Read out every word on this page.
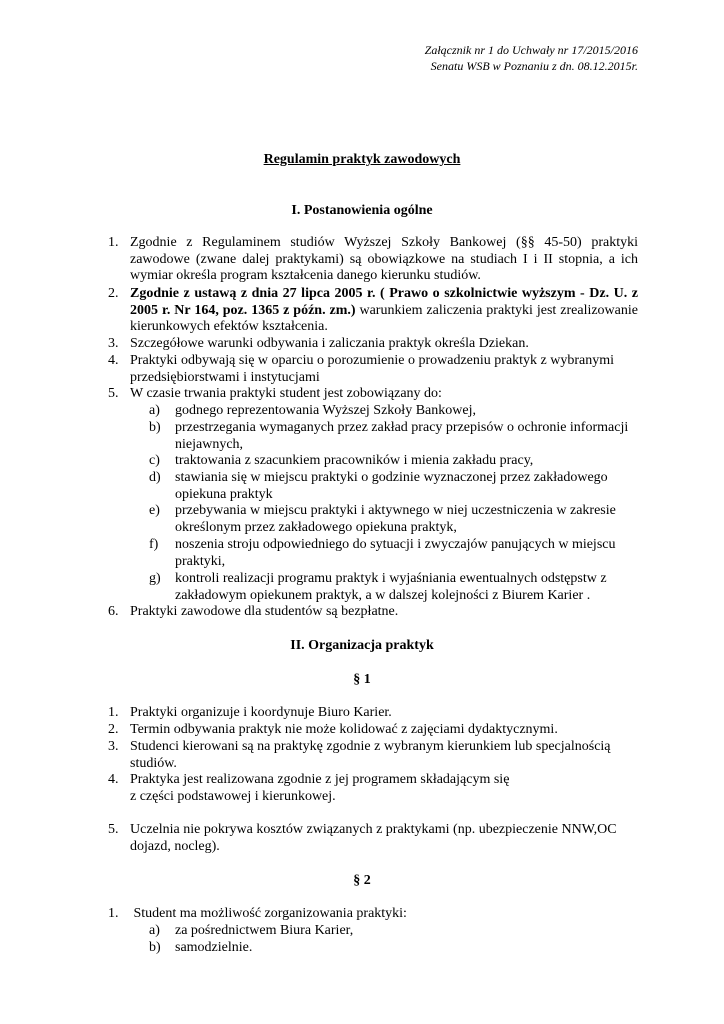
Załącznik nr 1 do Uchwały nr 17/2015/2016
Senatu WSB w Poznaniu z dn. 08.12.2015r.
Regulamin praktyk zawodowych
I. Postanowienia ogólne
1. Zgodnie z Regulaminem studiów Wyższej Szkoły Bankowej (§§ 45-50) praktyki zawodowe (zwane dalej praktykami) są obowiązkowe na studiach I i II stopnia, a ich wymiar określa program kształcenia danego kierunku studiów.
2. Zgodnie z ustawą z dnia 27 lipca 2005 r. ( Prawo o szkolnictwie wyższym - Dz. U. z 2005 r. Nr 164, poz. 1365 z późn. zm.) warunkiem zaliczenia praktyki jest zrealizowanie kierunkowych efektów kształcenia.
3. Szczegółowe warunki odbywania i zaliczania praktyk określa Dziekan.
4. Praktyki odbywają się w oparciu o porozumienie o prowadzeniu praktyk z wybranymi przedsiębiorstwami i instytucjami
5. W czasie trwania praktyki student jest zobowiązany do:
a)	godnego reprezentowania Wyższej Szkoły Bankowej,
b)	przestrzegania wymaganych przez zakład pracy przepisów o ochronie informacji niejawnych,
c)	traktowania z szacunkiem pracowników i mienia zakładu pracy,
d)	stawiania się w miejscu praktyki o godzinie wyznaczonej przez zakładowego opiekuna praktyk
e)	przebywania w miejscu praktyki i aktywnego w niej uczestniczenia w zakresie określonym przez zakładowego opiekuna praktyk,
f)	noszenia stroju odpowiedniego do sytuacji i zwyczajów panujących w miejscu praktyki,
g)	kontroli realizacji programu praktyk i wyjaśniania ewentualnych odstępstw z zakładowym opiekunem praktyk, a w dalszej kolejności z Biurem Karier .
6. Praktyki zawodowe dla studentów są bezpłatne.
II. Organizacja praktyk
§ 1
1. Praktyki organizuje i koordynuje Biuro Karier.
2. Termin odbywania praktyk nie może kolidować z zajęciami dydaktycznymi.
3. Studenci kierowani są na praktykę zgodnie z wybranym kierunkiem lub specjalnością studiów.
4. Praktyka jest realizowana zgodnie z jej programem składającym się z części podstawowej i kierunkowej.
5. Uczelnia nie pokrywa kosztów związanych z praktykami (np. ubezpieczenie NNW,OC dojazd, nocleg).
§ 2
1. Student ma możliwość zorganizowania praktyki:
a)	za pośrednictwem Biura Karier,
b)	samodzielnie.
